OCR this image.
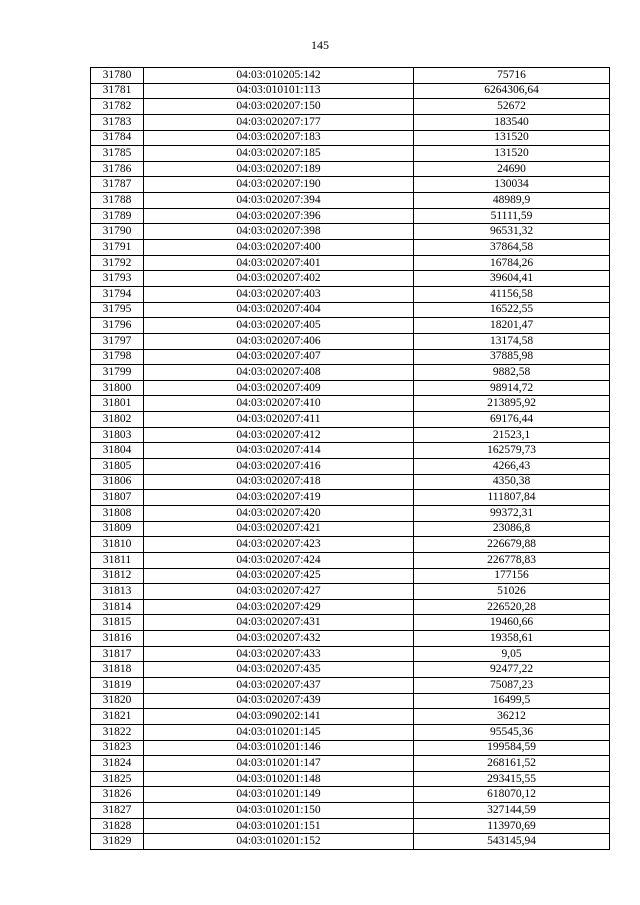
145
31780	04:03:010205:142	75716
31781	04:03:010101:113	6264306,64
31782	04:03:020207:150	52672
31783	04:03:020207:177	183540
31784	04:03:020207:183	131520
31785	04:03:020207:185	131520
31786	04:03:020207:189	24690
31787	04:03:020207:190	130034
31788	04:03:020207:394	48989,9
31789	04:03:020207:396	51111,59
31790	04:03:020207:398	96531,32
31791	04:03:020207:400	37864,58
31792	04:03:020207:401	16784,26
31793	04:03:020207:402	39604,41
31794	04:03:020207:403	41156,58
31795	04:03:020207:404	16522,55
31796	04:03:020207:405	18201,47
31797	04:03:020207:406	13174,58
31798	04:03:020207:407	37885,98
31799	04:03:020207:408	9882,58
31800	04:03:020207:409	98914,72
31801	04:03:020207:410	213895,92
31802	04:03:020207:411	69176,44
31803	04:03:020207:412	21523,1
31804	04:03:020207:414	162579,73
31805	04:03:020207:416	4266,43
31806	04:03:020207:418	4350,38
31807	04:03:020207:419	111807,84
31808	04:03:020207:420	99372,31
31809	04:03:020207:421	23086,8
31810	04:03:020207:423	226679,88
31811	04:03:020207:424	226778,83
31812	04:03:020207:425	177156
31813	04:03:020207:427	51026
31814	04:03:020207:429	226520,28
31815	04:03:020207:431	19460,66
31816	04:03:020207:432	19358,61
31817	04:03:020207:433	9,05
31818	04:03:020207:435	92477,22
31819	04:03:020207:437	75087,23
31820	04:03:020207:439	16499,5
31821	04:03:090202:141	36212
31822	04:03:010201:145	95545,36
31823	04:03:010201:146	199584,59
31824	04:03:010201:147	268161,52
31825	04:03:010201:148	293415,55
31826	04:03:010201:149	618070,12
31827	04:03:010201:150	327144,59
31828	04:03:010201:151	113970,69
31829	04:03:010201:152	543145,94
